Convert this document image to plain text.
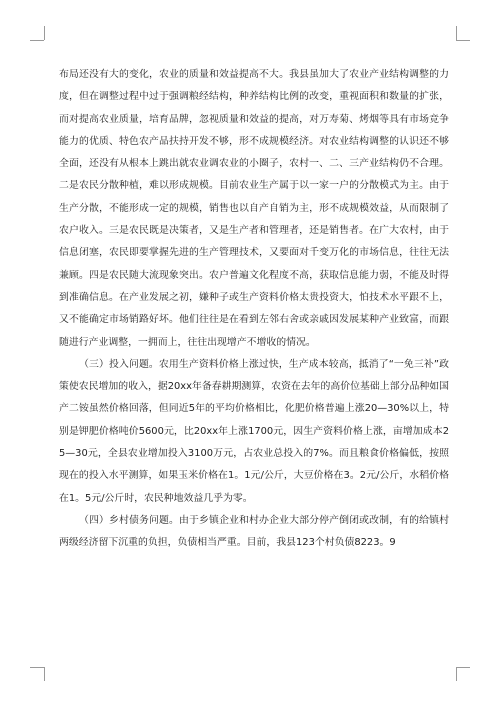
布局还没有大的变化，农业的质量和效益提高不大。我县虽加大了农业产业结构调整的力度，但在调整过程中过于强调粮经结构，种养结构比例的改变，重视面积和数量的扩张，而对提高农业质量，培育品牌，忽视质量和效益的提高，对万寿菊、烤烟等具有市场竞争能力的优质、特色农产品扶持开发不够，形不成规模经济。对农业结构调整的认识还不够全面，还没有从根本上跳出就农业调农业的小圈子，农村一、二、三产业结构仍不合理。二是农民分散种植，难以形成规模。目前农业生产属于以一家一户的分散模式为主。由于生产分散，不能形成一定的规模，销售也以自产自销为主，形不成规模效益，从而限制了农户收入。三是农民既是决策者，又是生产者和管理者，还是销售者。在广大农村，由于信息闭塞，农民即要掌握先进的生产管理技术，又要面对千变万化的市场信息，往往无法兼顾。四是农民随大流现象突出。农户普遍文化程度不高，获取信息能力弱，不能及时得到准确信息。在产业发展之初，嫌种子或生产资料价格太贵投资大，怕技术水平跟不上，又不能确定市场销路好坏。他们往往是在看到左邻右舍或亲戚因发展某种产业致富，而跟随进行产业调整，一拥而上，往往出现增产不增收的情况。

（三）投入问题。农用生产资料价格上涨过快，生产成本较高，抵消了“一免三补”政策使农民增加的收入，据20xx年备春耕期测算，农资在去年的高价位基础上部分品种如国产二铵虽然价格回落，但同近5年的平均价格相比，化肥价格普遍上涨20—30%以上，特别是钾肥价格吨价5600元，比20xx年上涨1700元，因生产资料价格上涨，亩增加成本25—30元，全县农业增加投入3100万元，占农业总投入的7%。而且粮食价格偏低，按照现在的投入水平测算，如果玉米价格在1。1元/公斤，大豆价格在3。2元/公斤，水稻价格在1。5元/公斤时，农民种地效益几乎为零。

（四）乡村债务问题。由于乡镇企业和村办企业大部分停产倒闭或改制，有的给镇村两级经济留下沉重的负担，负债相当严重。目前，我县123个村负债8223。9
